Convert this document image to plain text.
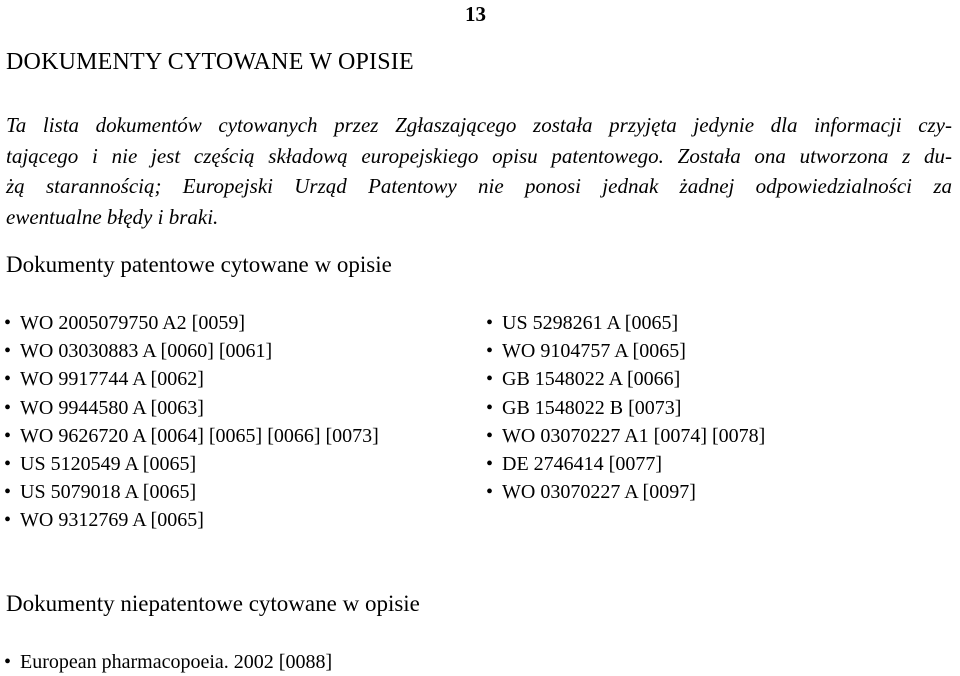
13
DOKUMENTY CYTOWANE W OPISIE

Ta lista dokumentów cytowanych przez Zgłaszającego została przyjęta jedynie dla informacji czy-
tającego i nie jest częścią składową europejskiego opisu patentowego. Została ona utworzona z du-
żą starannością; Europejski Urząd Patentowy nie ponosi jednak żadnej odpowiedzialności za
ewentualne błędy i braki.

Dokumenty patentowe cytowane w opisie
• WO 2005079750 A2 [0059]
• WO 03030883 A [0060] [0061]
• WO 9917744 A [0062]
• WO 9944580 A [0063]
• WO 9626720 A [0064] [0065] [0066] [0073]
• US 5120549 A [0065]
• US 5079018 A [0065]
• WO 9312769 A [0065]
• US 5298261 A [0065]
• WO 9104757 A [0065]
• GB 1548022 A [0066]
• GB 1548022 B [0073]
• WO 03070227 A1 [0074] [0078]
• DE 2746414 [0077]
• WO 03070227 A [0097]
Dokumenty niepatentowe cytowane w opisie
• European pharmacopoeia. 2002 [0088]
